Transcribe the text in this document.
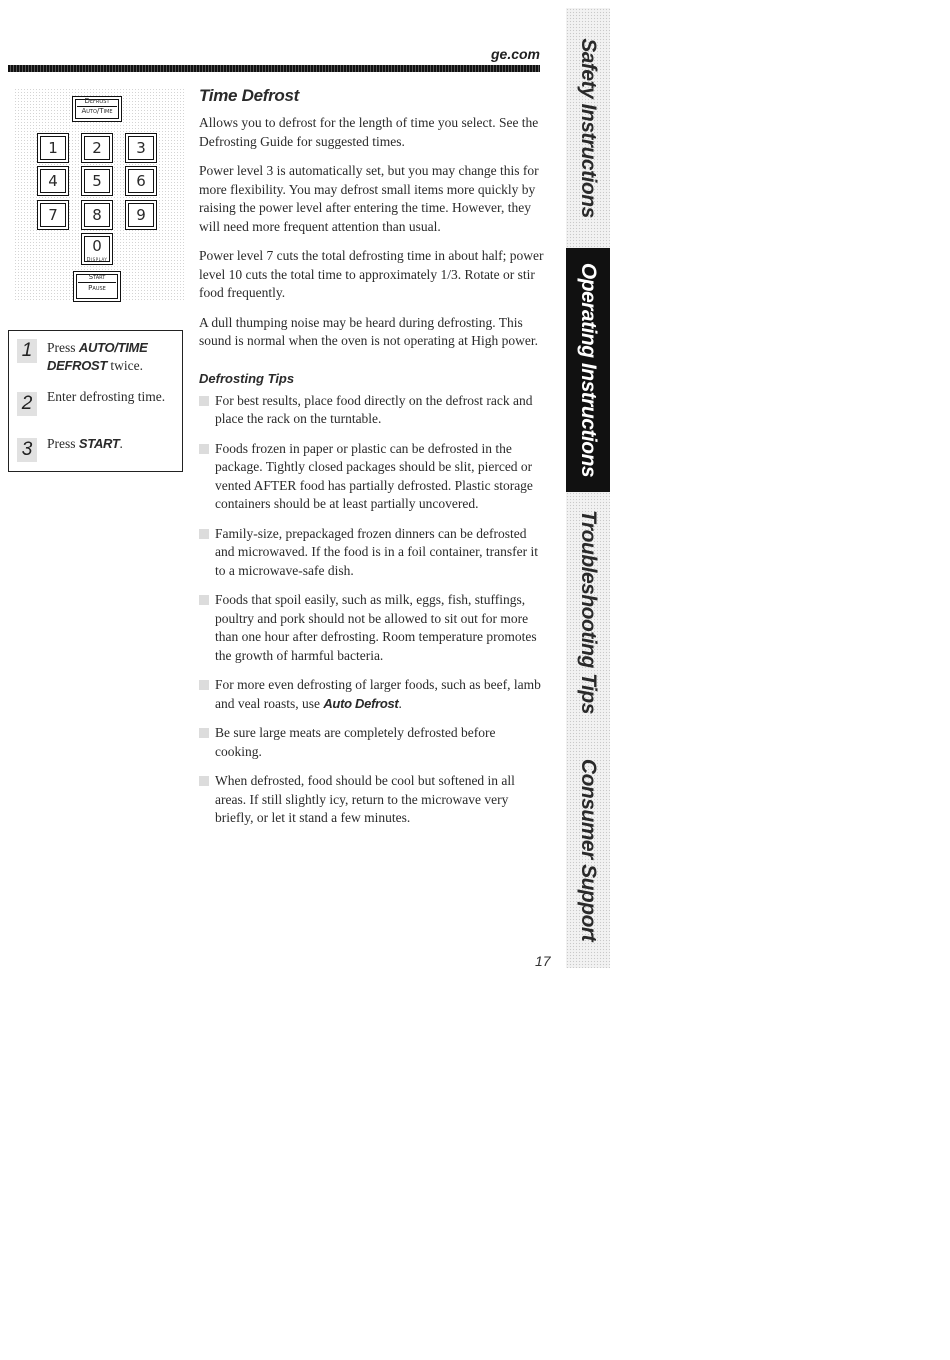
ge.com
Defrost
Auto/Time
1	2	3
4	5	6
7	8	9
0
Display
Start
Pause
1	Press AUTO/TIME DEFROST twice.
2	Enter defrosting time.
3	Press START.
Time Defrost

Allows you to defrost for the length of time you select. See the Defrosting Guide for suggested times.

Power level 3 is automatically set, but you may change this for more flexibility. You may defrost small items more quickly by raising the power level after entering the time. However, they will need more frequent attention than usual.

Power level 7 cuts the total defrosting time in about half; power level 10 cuts the total time to approximately 1/3. Rotate or stir food frequently.

A dull thumping noise may be heard during defrosting. This sound is normal when the oven is not operating at High power.

Defrosting Tips
For best results, place food directly on the defrost rack and place the rack on the turntable.
Foods frozen in paper or plastic can be defrosted in the package. Tightly closed packages should be slit, pierced or vented AFTER food has partially defrosted. Plastic storage containers should be at least partially uncovered.
Family-size, prepackaged frozen dinners can be defrosted and microwaved. If the food is in a foil container, transfer it to a microwave-safe dish.
Foods that spoil easily, such as milk, eggs, fish, stuffings, poultry and pork should not be allowed to sit out for more than one hour after defrosting. Room temperature promotes the growth of harmful bacteria.
For more even defrosting of larger foods, such as beef, lamb and veal roasts, use Auto Defrost.
Be sure large meats are completely defrosted before cooking.
When defrosted, food should be cool but softened in all areas. If still slightly icy, return to the microwave very briefly, or let it stand a few minutes.
17
Safety Instructions
Operating Instructions
Troubleshooting Tips
Consumer Support
